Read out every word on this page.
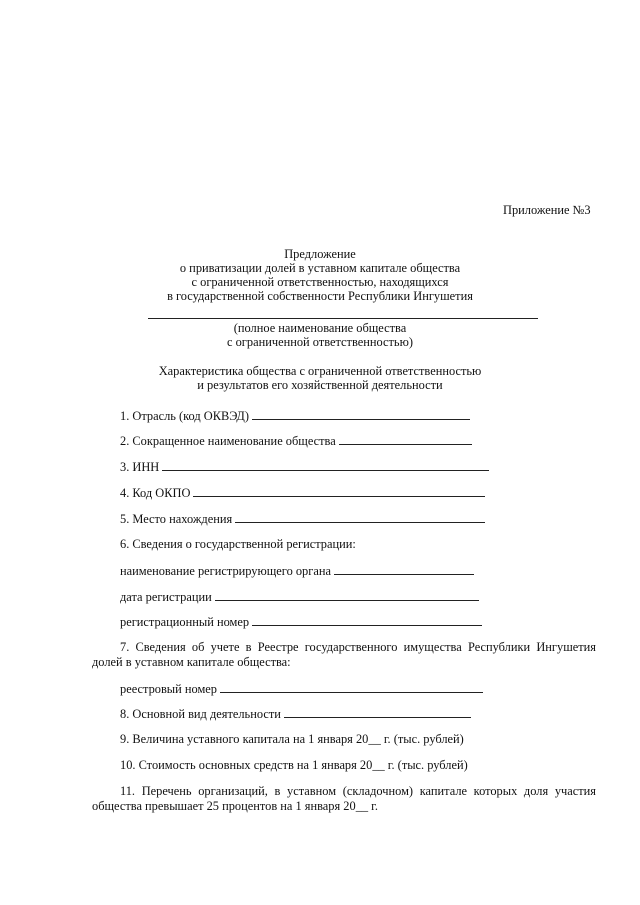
Приложение №3
Предложение
о приватизации долей в уставном капитале общества
с ограниченной ответственностью, находящихся
в государственной собственности Республики Ингушетия
(полное наименование общества
с ограниченной ответственностью)
Характеристика общества с ограниченной ответственностью
и результатов его хозяйственной деятельности
1. Отрасль (код ОКВЭД)
2. Сокращенное наименование общества
3. ИНН
4. Код ОКПО
5. Место нахождения
6. Сведения о государственной регистрации:
наименование регистрирующего органа
дата регистрации
регистрационный номер
7. Сведения об учете в Реестре государственного имущества Республики Ингушетия
долей в уставном капитале общества:
реестровый номер
8. Основной вид деятельности
9. Величина уставного капитала на 1 января 20__ г. (тыс. рублей)
10. Стоимость основных средств на 1 января 20__ г. (тыс. рублей)
11. Перечень организаций, в уставном (складочном) капитале которых доля участия
общества превышает 25 процентов на 1 января 20__ г.
